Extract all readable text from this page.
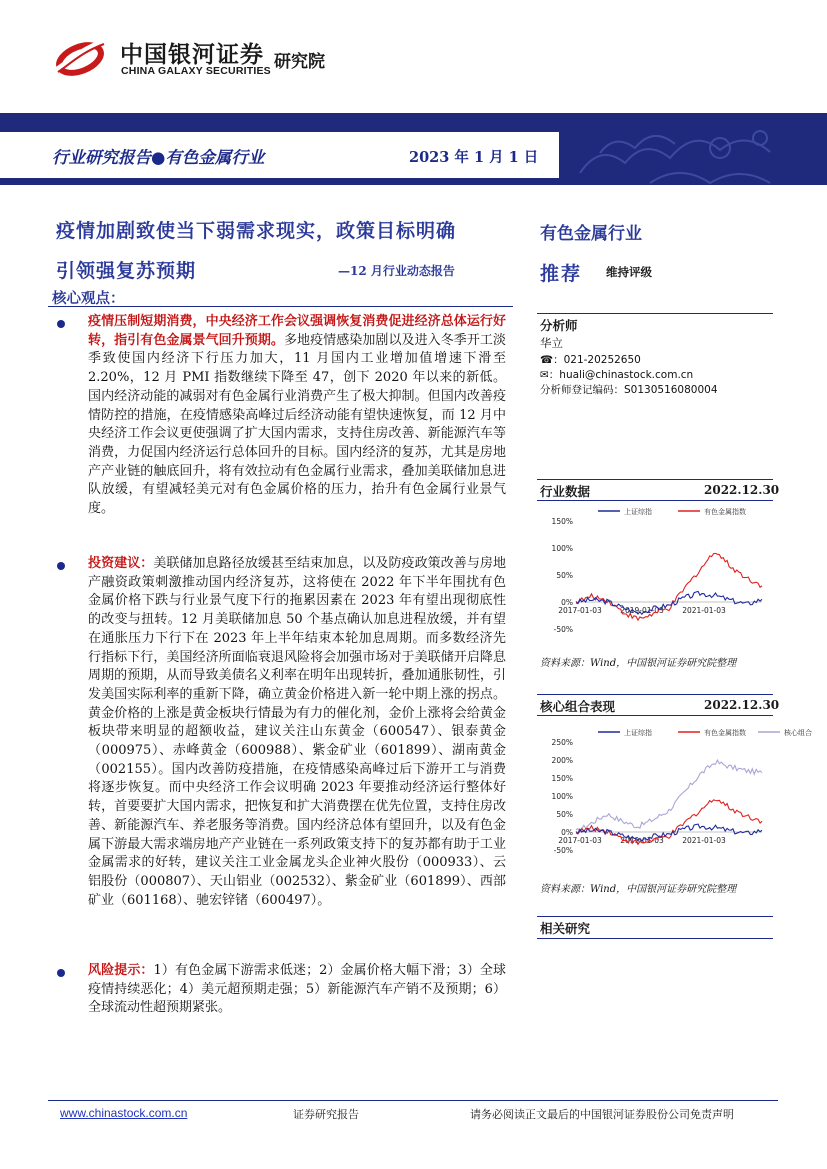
中国银河证券
CHINA GALAXY SECURITIES 研究院
行业研究报告●有色金属行业	2023 年 1 月 1 日
疫情加剧致使当下弱需求现实，政策目标明确
引领强复苏预期	—12 月行业动态报告
核心观点：
有色金属行业
推荐 维持评级
疫情压制短期消费，中央经济工作会议强调恢复消费促进经济总体运行好转，指引有色金属景气回升预期。多地疫情感染加剧以及进入冬季开工淡季致使国内经济下行压力加大，11 月国内工业增加值增速下滑至 2.20%，12 月 PMI 指数继续下降至 47，创下 2020 年以来的新低。国内经济动能的减弱对有色金属行业消费产生了极大抑制。但国内改善疫情防控的措施，在疫情感染高峰过后经济动能有望快速恢复，而 12 月中央经济工作会议更使强调了扩大国内需求，支持住房改善、新能源汽车等消费，力促国内经济运行总体回升的目标。国内经济的复苏，尤其是房地产产业链的触底回升，将有效拉动有色金属行业需求，叠加美联储加息进队放缓，有望减轻美元对有色金属价格的压力，抬升有色金属行业景气度。
投资建议：美联储加息路径放缓甚至结束加息，以及防疫政策改善与房地产融资政策刺激推动国内经济复苏，这将使在 2022 年下半年围扰有色金属价格下跌与行业景气度下行的拖累因素在 2023 年有望出现彻底性的改变与扭转。12 月美联储加息 50 个基点确认加息进程放缓，并有望在通胀压力下行下在 2023 年上半年结束本轮加息周期。而多数经济先行指标下行，美国经济所面临衰退风险将会加强市场对于美联储开启降息周期的预期，从而导致美债名义利率在明年出现转折，叠加通胀韧性，引发美国实际利率的重新下降，确立黄金价格进入新一轮中期上涨的拐点。黄金价格的上涨是黄金板块行情最为有力的催化剂，金价上涨将会给黄金板块带来明显的超额收益，建议关注山东黄金（600547）、银泰黄金（000975）、赤峰黄金（600988）、紫金矿业（601899）、湖南黄金（002155）。国内改善防疫措施，在疫情感染高峰过后下游开工与消费将逐步恢复。而中央经济工作会议明确 2023 年要推动经济运行整体好转，首要要扩大国内需求，把恢复和扩大消费摆在优先位置，支持住房改善、新能源汽车、养老服务等消费。国内经济总体有望回升，以及有色金属下游最大需求端房地产产业链在一系列政策支持下的复苏都有助于工业金属需求的好转，建议关注工业金属龙头企业神火股份（000933）、云铝股份（000807）、天山铝业（002532）、紫金矿业（601899）、西部矿业（601168）、驰宏锌锗（600497）。
风险提示：1）有色金属下游需求低迷；2）金属价格大幅下滑；3）全球疫情持续恶化；4）美元超预期走强；5）新能源汽车产销不及预期；6）全球流动性超预期紧张。
分析师
华立
☎：021-20252650
✉：huali@chinastock.com.cn
分析师登记编码：S0130516080004
行业数据	2022.12.30
上证综指	有色金属指数
150%
100%
50%
0%
-50%
2017-01-03 2019-01-03 2021-01-03
资料来源：Wind，中国银河证券研究院整理
核心组合表现	2022.12.30
上证综指	有色金属指数	核心组合
250%
200%
150%
100%
50%
0%
-50%
2017-01-03 2019-01-03 2021-01-03
资料来源：Wind，中国银河证券研究院整理
相关研究
www.chinastock.com.cn	证券研究报告	请务必阅读正文最后的中国银河证券股份公司免责声明
